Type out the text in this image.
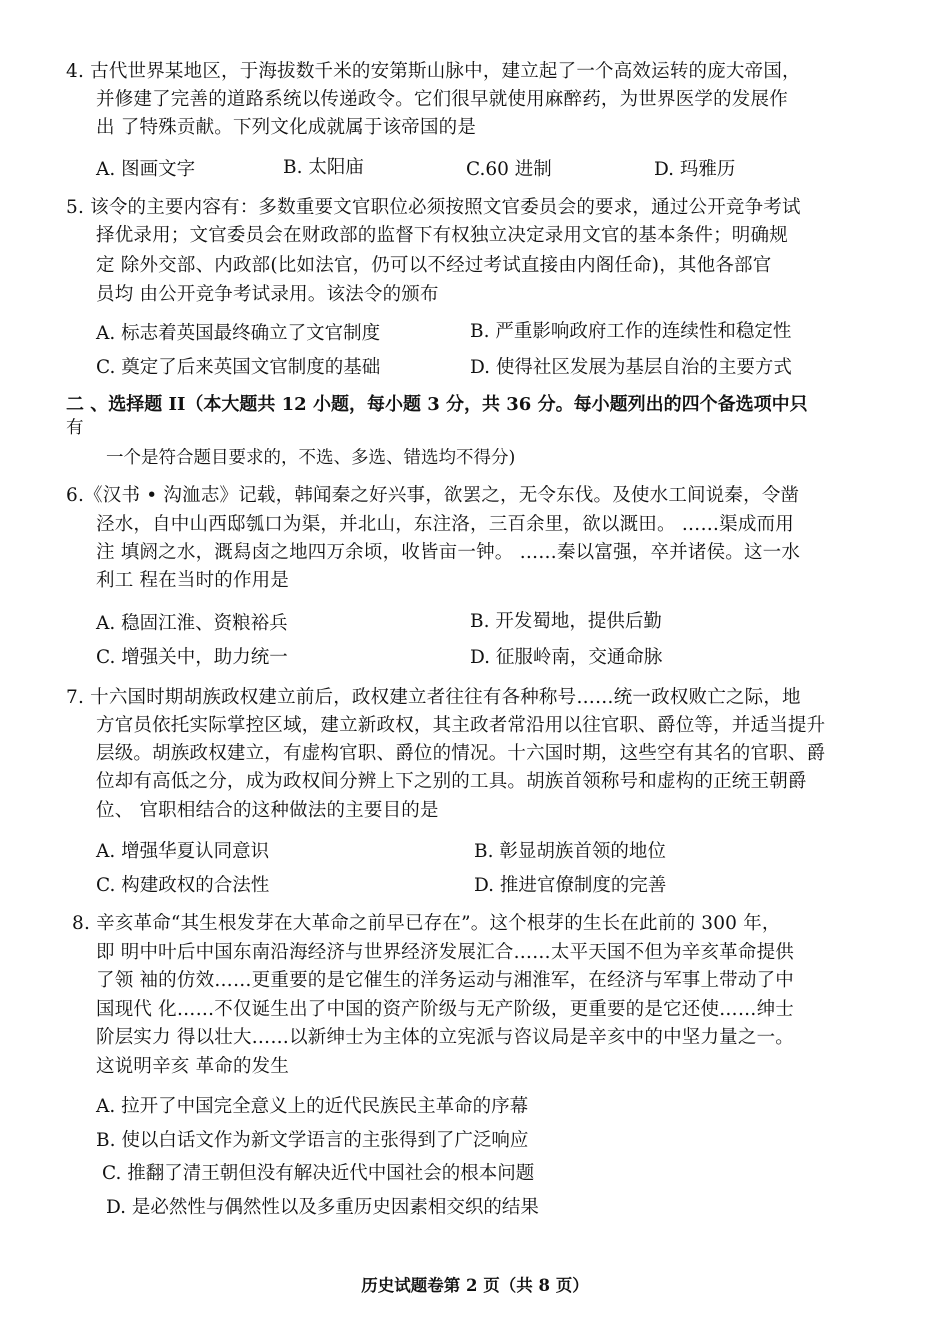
4. 古代世界某地区，于海拔数千米的安第斯山脉中，建立起了一个高效运转的庞大帝国，
并修建了完善的道路系统以传递政令。它们很早就使用麻醉药，为世界医学的发展作
出 了特殊贡献。下列文化成就属于该帝国的是
A. 图画文字	B. 太阳庙	C.60 进制	D. 玛雅历
5. 该令的主要内容有：多数重要文官职位必须按照文官委员会的要求，通过公开竞争考试
择优录用；文官委员会在财政部的监督下有权独立决定录用文官的基本条件；明确规
定 除外交部、内政部(比如法官，仍可以不经过考试直接由内阁任命)，其他各部官
员均 由公开竞争考试录用。该法令的颁布
A. 标志着英国最终确立了文官制度	B. 严重影响政府工作的连续性和稳定性
C. 奠定了后来英国文官制度的基础	D. 使得社区发展为基层自治的主要方式
二 、选择题 II（本大题共 12 小题，每小题 3 分，共 36 分。每小题列出的四个备选项中只
有
一个是符合题目要求的，不选、多选、错选均不得分)
6.《汉书 • 沟洫志》记载，韩闻秦之好兴事，欲罢之，无令东伐。及使水工间说秦，令凿
泾水，自中山西邸瓠口为渠，并北山，东注洛，三百余里，欲以溉田。 ……渠成而用
注 填阏之水，溉舄卤之地四万余顷，收皆亩一钟。 ……秦以富强，卒并诸侯。这一水
利工 程在当时的作用是
A. 稳固江淮、资粮裕兵	B. 开发蜀地，提供后勤
C. 增强关中，助力统一	D. 征服岭南，交通命脉
7. 十六国时期胡族政权建立前后，政权建立者往往有各种称号……统一政权败亡之际，地
方官员依托实际掌控区域，建立新政权，其主政者常沿用以往官职、爵位等，并适当提升
层级。胡族政权建立，有虚构官职、爵位的情况。十六国时期，这些空有其名的官职、爵
位却有高低之分，成为政权间分辨上下之别的工具。胡族首领称号和虚构的正统王朝爵
位、 官职相结合的这种做法的主要目的是
A. 增强华夏认同意识	B. 彰显胡族首领的地位
C. 构建政权的合法性	D. 推进官僚制度的完善
8. 辛亥革命“其生根发芽在大革命之前早已存在”。这个根芽的生长在此前的 300 年，
即 明中叶后中国东南沿海经济与世界经济发展汇合……太平天国不但为辛亥革命提供
了领 袖的仿效……更重要的是它催生的洋务运动与湘淮军，在经济与军事上带动了中
国现代 化……不仅诞生出了中国的资产阶级与无产阶级，更重要的是它还使……绅士
阶层实力 得以壮大……以新绅士为主体的立宪派与咨议局是辛亥中的中坚力量之一。
这说明辛亥 革命的发生
A. 拉开了中国完全意义上的近代民族民主革命的序幕
B. 使以白话文作为新文学语言的主张得到了广泛响应
C. 推翻了清王朝但没有解决近代中国社会的根本问题
D. 是必然性与偶然性以及多重历史因素相交织的结果
历史试题卷第 2 页（共 8 页）
